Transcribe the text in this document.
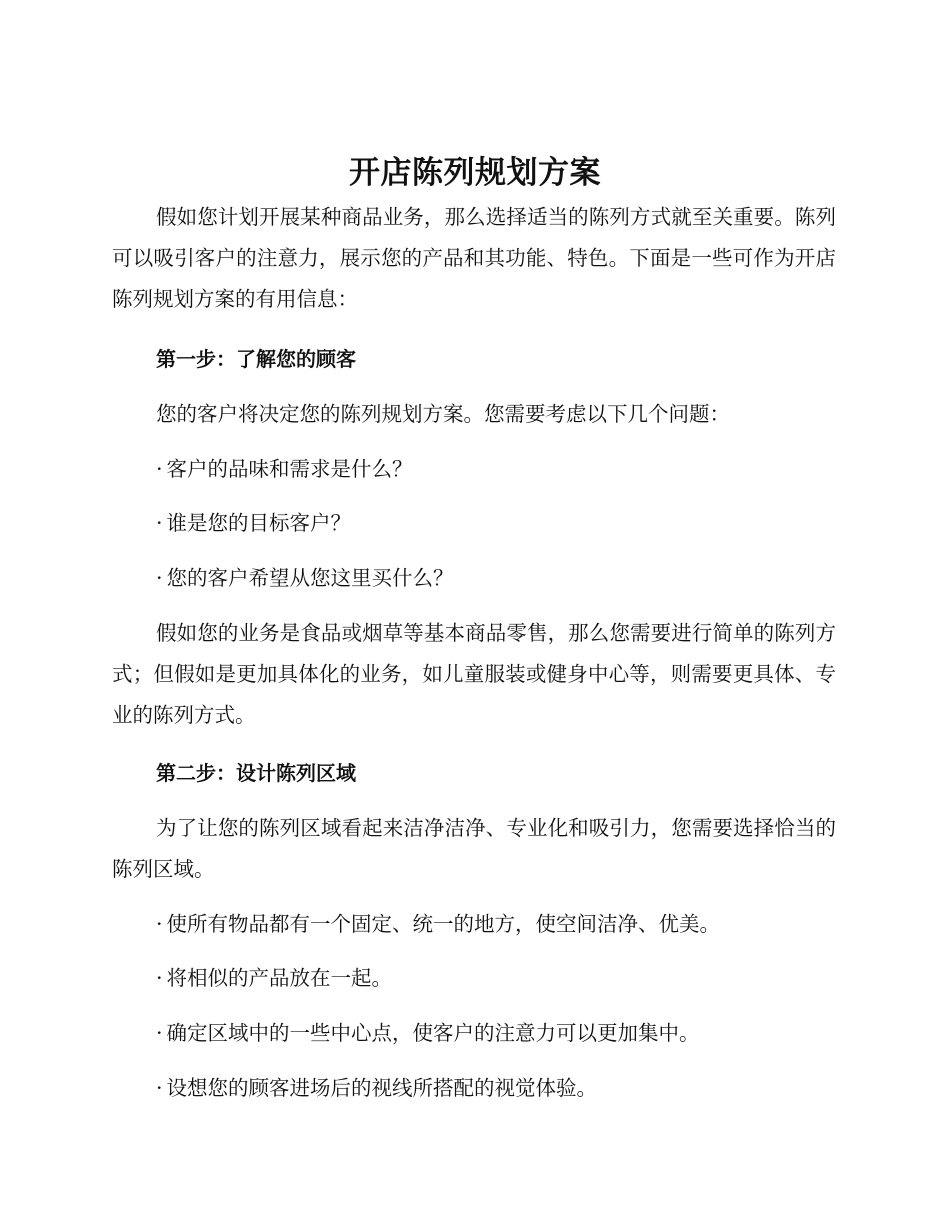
开店陈列规划方案

假如您计划开展某种商品业务，那么选择适当的陈列方式就至关重要。陈列可以吸引客户的注意力，展示您的产品和其功能、特色。下面是一些可作为开店陈列规划方案的有用信息：

第一步：了解您的顾客
您的客户将决定您的陈列规划方案。您需要考虑以下几个问题：
· 客户的品味和需求是什么？
· 谁是您的目标客户？
· 您的客户希望从您这里买什么？

假如您的业务是食品或烟草等基本商品零售，那么您需要进行简单的陈列方式；但假如是更加具体化的业务，如儿童服装或健身中心等，则需要更具体、专业的陈列方式。

第二步：设计陈列区域

为了让您的陈列区域看起来洁净洁净、专业化和吸引力，您需要选择恰当的陈列区域。

· 使所有物品都有一个固定、统一的地方，使空间洁净、优美。
· 将相似的产品放在一起。
· 确定区域中的一些中心点，使客户的注意力可以更加集中。
· 设想您的顾客进场后的视线所搭配的视觉体验。
